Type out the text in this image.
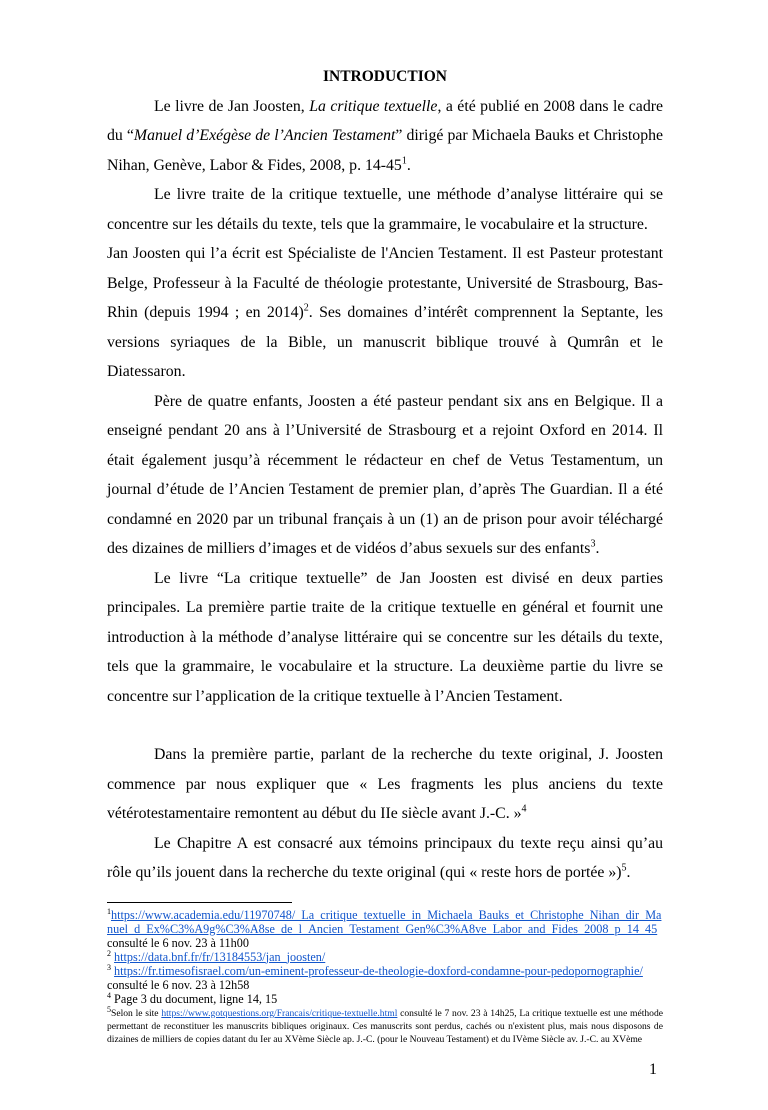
INTRODUCTION

Le livre de Jan Joosten, La critique textuelle, a été publié en 2008 dans le cadre du “Manuel d’Exégèse de l’Ancien Testament” dirigé par Michaela Bauks et Christophe Nihan, Genève, Labor & Fides, 2008, p. $14-45^1$.

Le livre traite de la critique textuelle, une méthode d’analyse littéraire qui se concentre sur les détails du texte, tels que la grammaire, le vocabulaire et la structure.

Jan Joosten qui l’a écrit est Spécialiste de l'Ancien Testament. Il est Pasteur protestant Belge, Professeur à la Faculté de théologie protestante, Université de Strasbourg, Bas-Rhin (depuis 1994 ; en 2014)$^2$. Ses domaines d’intérêt comprennent la Septante, les versions syriaques de la Bible, un manuscrit biblique trouvé à Qumrân et le Diatessaron.

Père de quatre enfants, Joosten a été pasteur pendant six ans en Belgique. Il a enseigné pendant 20 ans à l’Université de Strasbourg et a rejoint Oxford en 2014. Il était également jusqu’à récemment le rédacteur en chef de Vetus Testamentum, un journal d’étude de l’Ancien Testament de premier plan, d’après The Guardian. Il a été condamné en 2020 par un tribunal français à un (1) an de prison pour avoir téléchargé des dizaines de milliers d’images et de vidéos d’abus sexuels sur des enfants$^3$.

Le livre “La critique textuelle” de Jan Joosten est divisé en deux parties principales. La première partie traite de la critique textuelle en général et fournit une introduction à la méthode d’analyse littéraire qui se concentre sur les détails du texte, tels que la grammaire, le vocabulaire et la structure. La deuxième partie du livre se concentre sur l’application de la critique textuelle à l’Ancien Testament.

Dans la première partie, parlant de la recherche du texte original, J. Joosten commence par nous expliquer que « Les fragments les plus anciens du texte vétérotestamentaire remontent au début du IIe siècle avant J.-C. »$^4$

Le Chapitre A est consacré aux témoins principaux du texte reçu ainsi qu’au rôle qu’ils jouent dans la recherche du texte original (qui « reste hors de portée »)$^5$.

$^1$https://www.academia.edu/11970748/_La_critique_textuelle_in_Michaela_Bauks_et_Christophe_Nihan_dir_Manuel_d_Ex%C3%A9g%C3%A8se_de_l_Ancien_Testament_Gen%C3%A8ve_Labor_and_Fides_2008_p_14_45 consulté le 6 nov. 23 à 11h00

$^2$ https://data.bnf.fr/fr/13184553/jan_joosten/

$^3$ https://fr.timesofisrael.com/un-eminent-professeur-de-theologie-doxford-condamne-pour-pedopornographie/
consulté le 6 nov. 23 à 12h58

$^4$ Page 3 du document, ligne 14, 15

$^5$Selon le site https://www.gotquestions.org/Francais/critique-textuelle.html consulté le 7 nov. 23 à 14h25, La critique textuelle est une méthode permettant de reconstituer les manuscrits bibliques originaux. Ces manuscrits sont perdus, cachés ou n'existent plus, mais nous disposons de dizaines de milliers de copies datant du Ier au XVème Siècle ap. J.-C. (pour le Nouveau Testament) et du IVème Siècle av. J.-C. au XVème

1
